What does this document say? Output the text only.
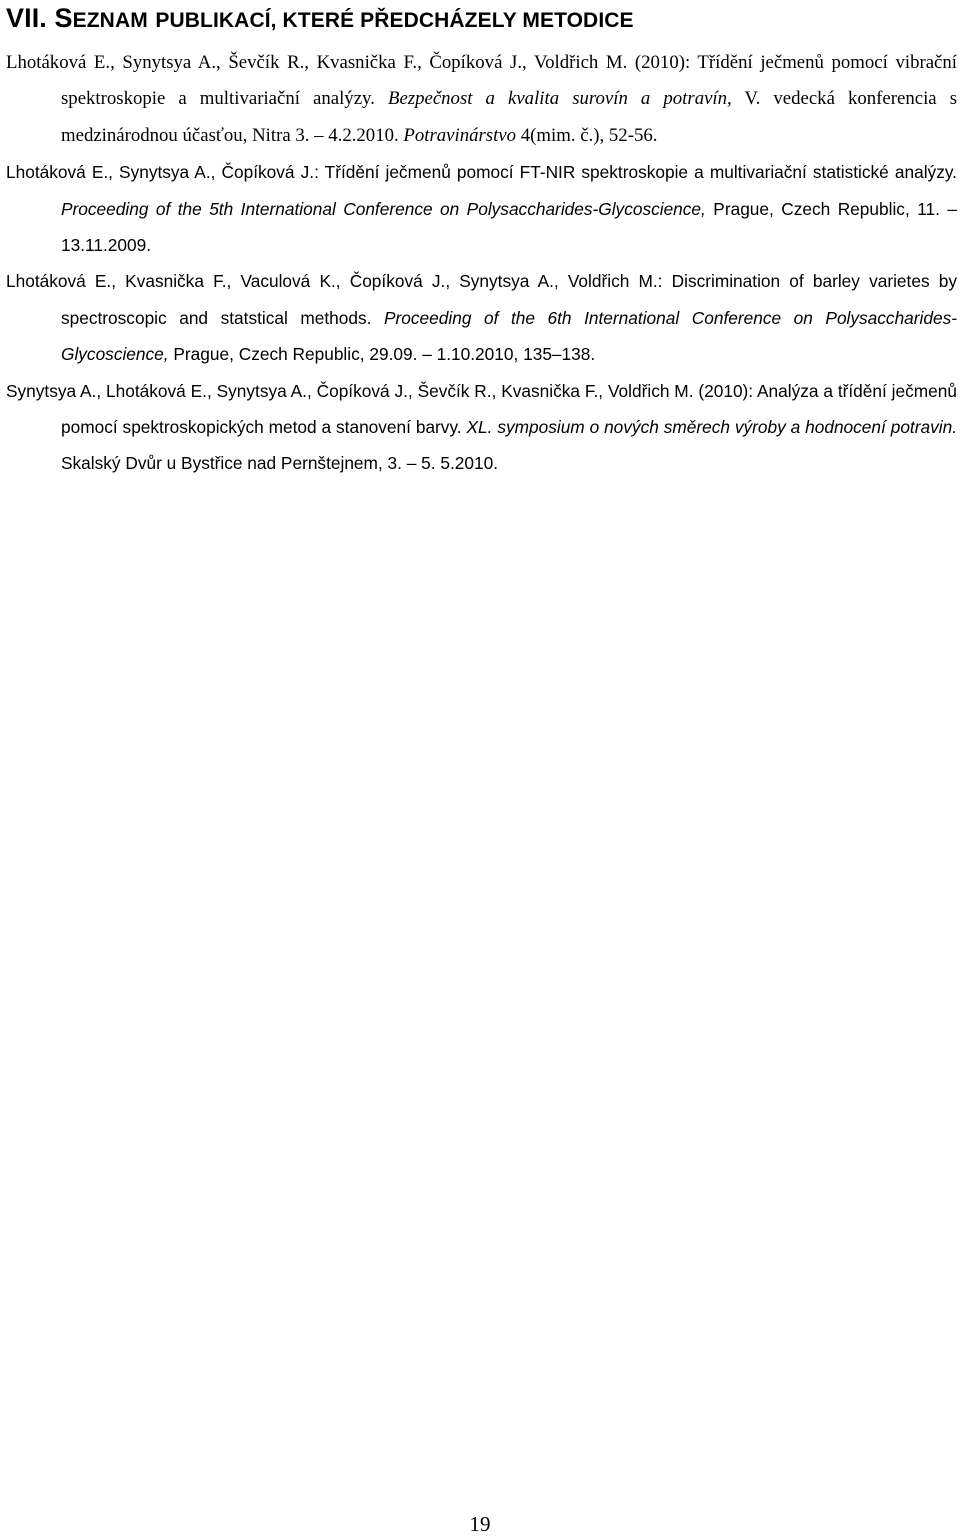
VII. SEZNAM PUBLIKACÍ, KTERÉ PŘEDCHÁZELY METODICE

Lhotáková E., Synytsya A., Ševčík R., Kvasnička F., Čopíková J., Voldřich M. (2010): Třídění ječmenů pomocí vibrační spektroskopie a multivariační analýzy. Bezpečnost a kvalita surovín a potravín, V. vedecká konferencia s medzinárodnou účasťou, Nitra 3. – 4.2.2010. Potravinárstvo 4(mim. č.), 52-56.

Lhotáková E., Synytsya A., Čopíková J.: Třídění ječmenů pomocí FT-NIR spektroskopie a multivariační statistické analýzy. Proceeding of the 5th International Conference on Polysaccharides-Glycoscience, Prague, Czech Republic, 11. – 13.11.2009.

Lhotáková E., Kvasnička F., Vaculová K., Čopíková J., Synytsya A., Voldřich M.: Discrimination of barley varietes by spectroscopic and statstical methods. Proceeding of the 6th International Conference on Polysaccharides-Glycoscience, Prague, Czech Republic, 29.09. – 1.10.2010, 135–138.

Synytsya A., Lhotáková E., Synytsya A., Čopíková J., Ševčík R., Kvasnička F., Voldřich M. (2010): Analýza a třídění ječmenů pomocí spektroskopických metod a stanovení barvy. XL. symposium o nových směrech výroby a hodnocení potravin. Skalský Dvůr u Bystřice nad Pernštejnem, 3. – 5. 5.2010.

19
